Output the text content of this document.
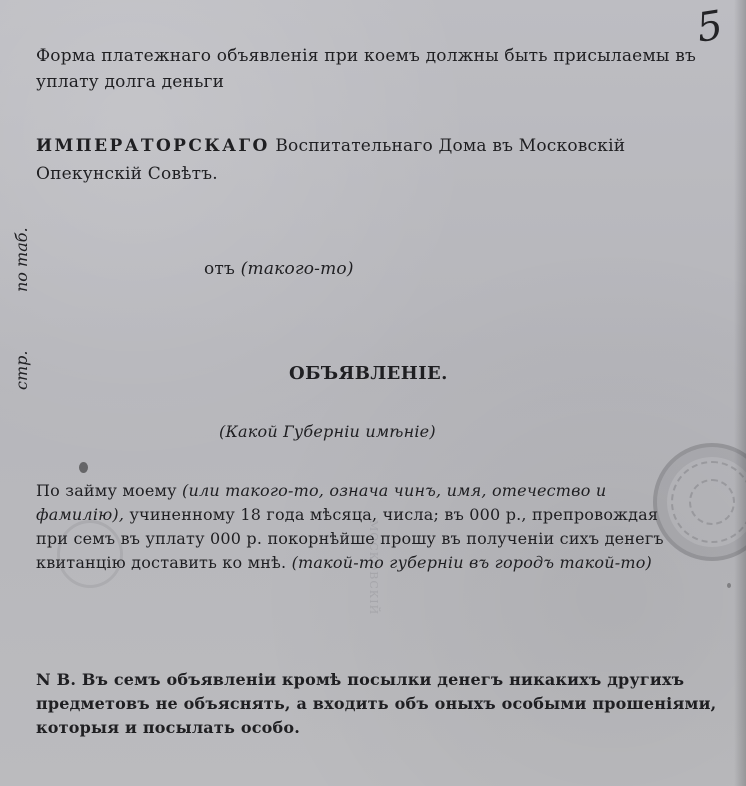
5
по таб.
стр.
МОСКОВСКІЙ
Форма платежнаго объявленія при коемъ должны быть присылаемы въ
уплату долга деньги
ИМПЕРАТОРСКАГО Воспитательнаго Дома въ Московскій
Опекунскій Совѣтъ.
отъ (такого-то)
ОБЪЯВЛЕНІЕ.
(Какой Губерніи имѣніе)
По займу моему (или такого-то, означа чинъ, имя, отечество и
фамилію), учиненному 18 года мѣсяца, числа; въ 000 р., препровождая
при семъ въ уплату 000 р. покорнѣйше прошу въ полученіи сихъ денегъ
квитанцію доставить ко мнѣ. (такой-то губерніи въ городъ такой-то)
N В. Въ семъ объявленіи кромѣ посылки денегъ никакихъ другихъ
предметовъ не объяснять, а входить объ оныхъ особыми прошеніями,
которыя и посылать особо.
